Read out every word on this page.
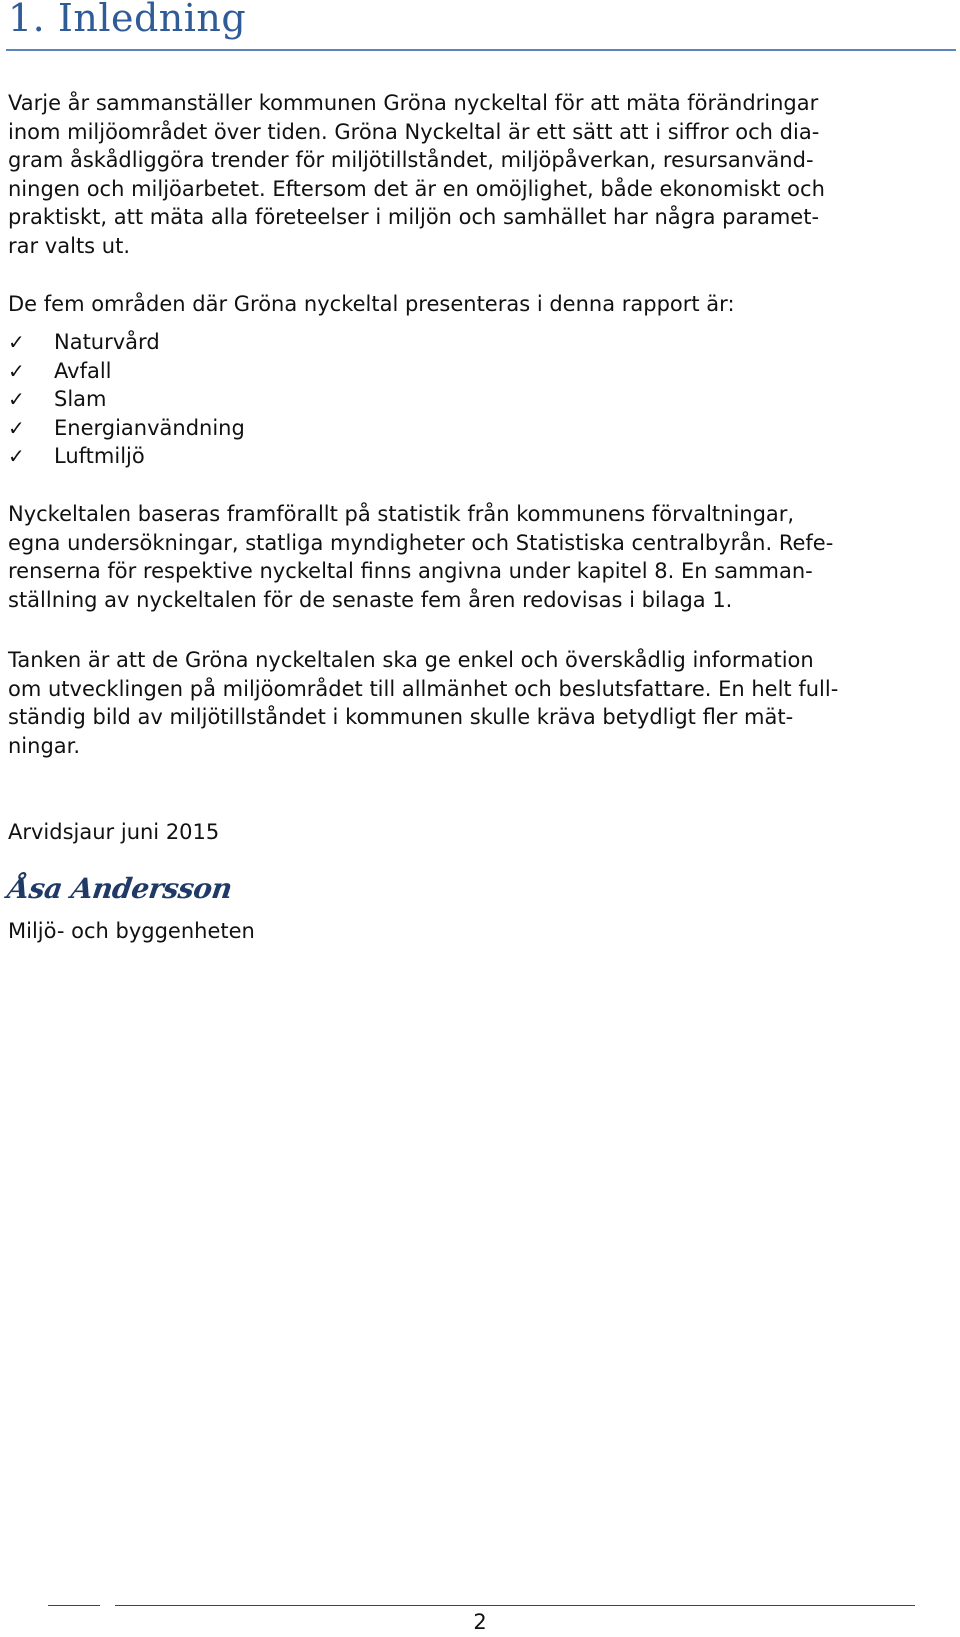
1. Inledning

Varje år sammanställer kommunen Gröna nyckeltal för att mäta förändringar
inom miljöområdet över tiden. Gröna Nyckeltal är ett sätt att i siffror och dia-
gram åskådliggöra trender för miljötillståndet, miljöpåverkan, resursanvänd-
ningen och miljöarbetet. Eftersom det är en omöjlighet, både ekonomiskt och
praktiskt, att mäta alla företeelser i miljön och samhället har några paramet-
rar valts ut.

De fem områden där Gröna nyckeltal presenteras i denna rapport är:

✓	Naturvård
✓	Avfall
✓	Slam
✓	Energianvändning
✓	Luftmiljö

Nyckeltalen baseras framförallt på statistik från kommunens förvaltningar,
egna undersökningar, statliga myndigheter och Statistiska centralbyrån. Refe-
renserna för respektive nyckeltal finns angivna under kapitel 8. En samman-
ställning av nyckeltalen för de senaste fem åren redovisas i bilaga 1.

Tanken är att de Gröna nyckeltalen ska ge enkel och överskådlig information
om utvecklingen på miljöområdet till allmänhet och beslutsfattare. En helt full-
ständig bild av miljötillståndet i kommunen skulle kräva betydligt fler mät-
ningar.

Arvidsjaur juni 2015

Åsa Andersson

Miljö- och byggenheten

2
